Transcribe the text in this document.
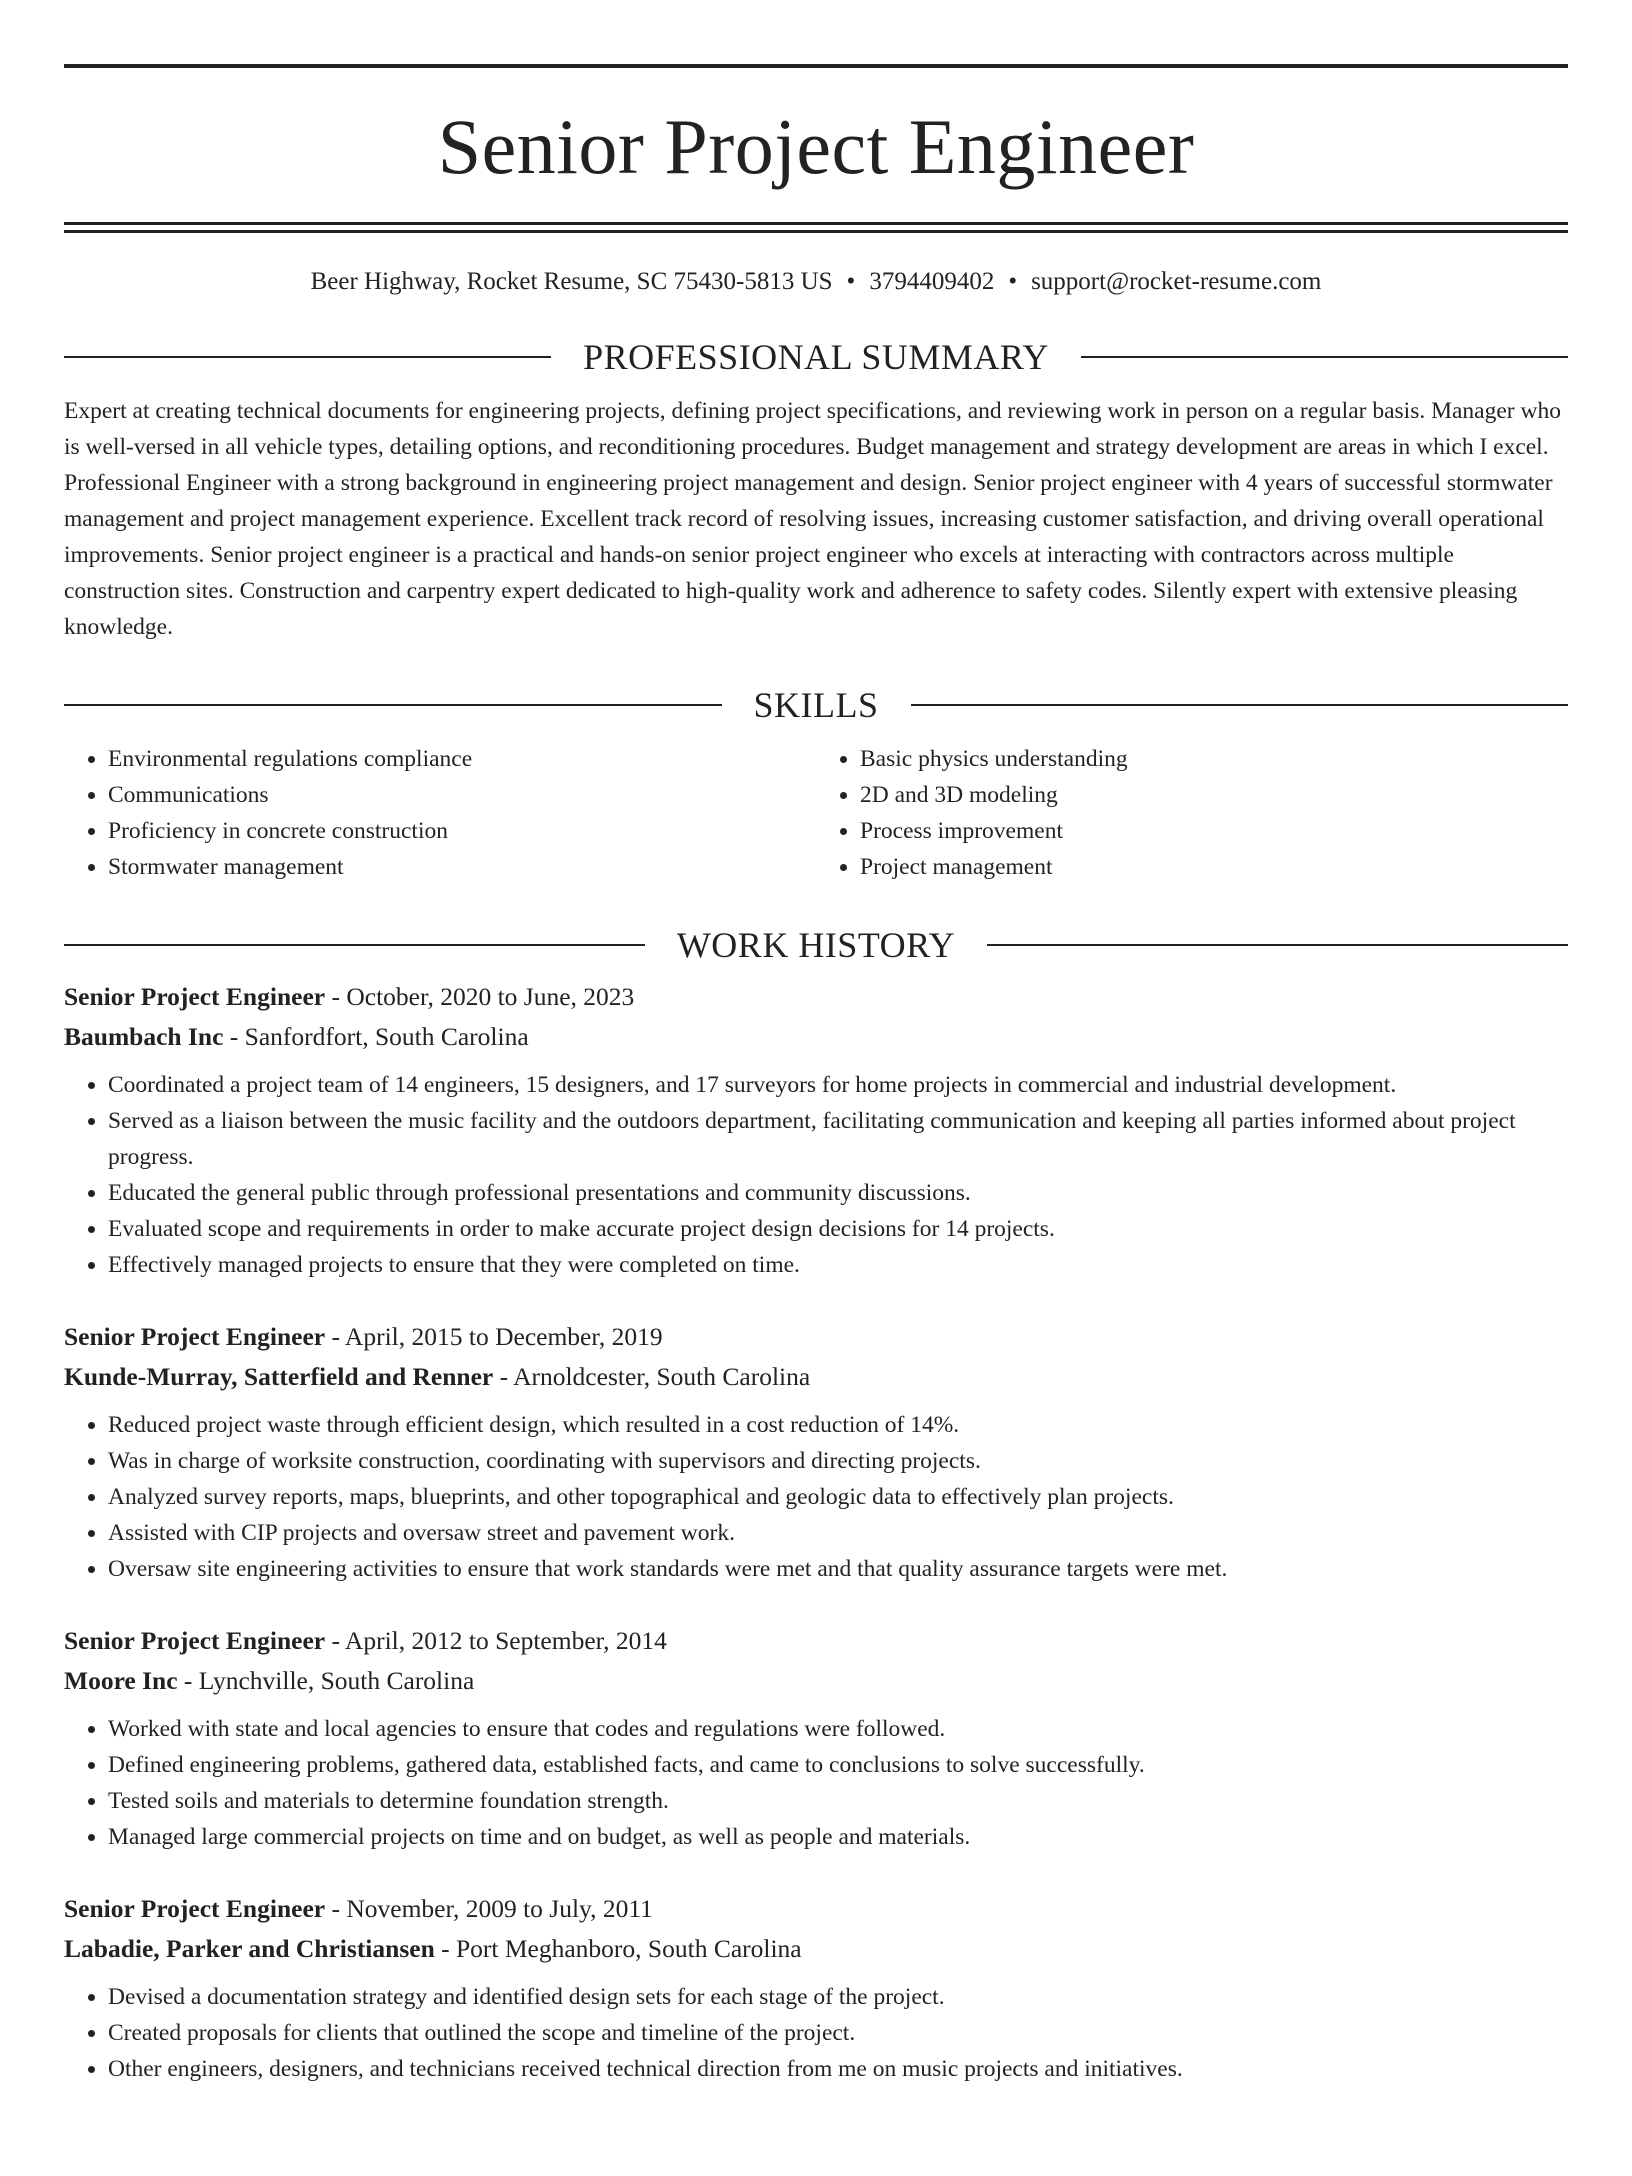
Senior Project Engineer
Beer Highway, Rocket Resume, SC 75430-5813 US • 3794409402 • support@rocket-resume.com
PROFESSIONAL SUMMARY
Expert at creating technical documents for engineering projects, defining project specifications, and reviewing work in person on a regular basis. Manager who is well-versed in all vehicle types, detailing options, and reconditioning procedures. Budget management and strategy development are areas in which I excel. Professional Engineer with a strong background in engineering project management and design. Senior project engineer with 4 years of successful stormwater management and project management experience. Excellent track record of resolving issues, increasing customer satisfaction, and driving overall operational improvements. Senior project engineer is a practical and hands-on senior project engineer who excels at interacting with contractors across multiple construction sites. Construction and carpentry expert dedicated to high-quality work and adherence to safety codes. Silently expert with extensive pleasing knowledge.
SKILLS
• Environmental regulations compliance
• Communications
• Proficiency in concrete construction
• Stormwater management
• Basic physics understanding
• 2D and 3D modeling
• Process improvement
• Project management
WORK HISTORY
Senior Project Engineer - October, 2020 to June, 2023
Baumbach Inc - Sanfordfort, South Carolina
• Coordinated a project team of 14 engineers, 15 designers, and 17 surveyors for home projects in commercial and industrial development.
• Served as a liaison between the music facility and the outdoors department, facilitating communication and keeping all parties informed about project progress.
• Educated the general public through professional presentations and community discussions.
• Evaluated scope and requirements in order to make accurate project design decisions for 14 projects.
• Effectively managed projects to ensure that they were completed on time.
Senior Project Engineer - April, 2015 to December, 2019
Kunde-Murray, Satterfield and Renner - Arnoldcester, South Carolina
• Reduced project waste through efficient design, which resulted in a cost reduction of 14%.
• Was in charge of worksite construction, coordinating with supervisors and directing projects.
• Analyzed survey reports, maps, blueprints, and other topographical and geologic data to effectively plan projects.
• Assisted with CIP projects and oversaw street and pavement work.
• Oversaw site engineering activities to ensure that work standards were met and that quality assurance targets were met.
Senior Project Engineer - April, 2012 to September, 2014
Moore Inc - Lynchville, South Carolina
• Worked with state and local agencies to ensure that codes and regulations were followed.
• Defined engineering problems, gathered data, established facts, and came to conclusions to solve successfully.
• Tested soils and materials to determine foundation strength.
• Managed large commercial projects on time and on budget, as well as people and materials.
Senior Project Engineer - November, 2009 to July, 2011
Labadie, Parker and Christiansen - Port Meghanboro, South Carolina
• Devised a documentation strategy and identified design sets for each stage of the project.
• Created proposals for clients that outlined the scope and timeline of the project.
• Other engineers, designers, and technicians received technical direction from me on music projects and initiatives.
